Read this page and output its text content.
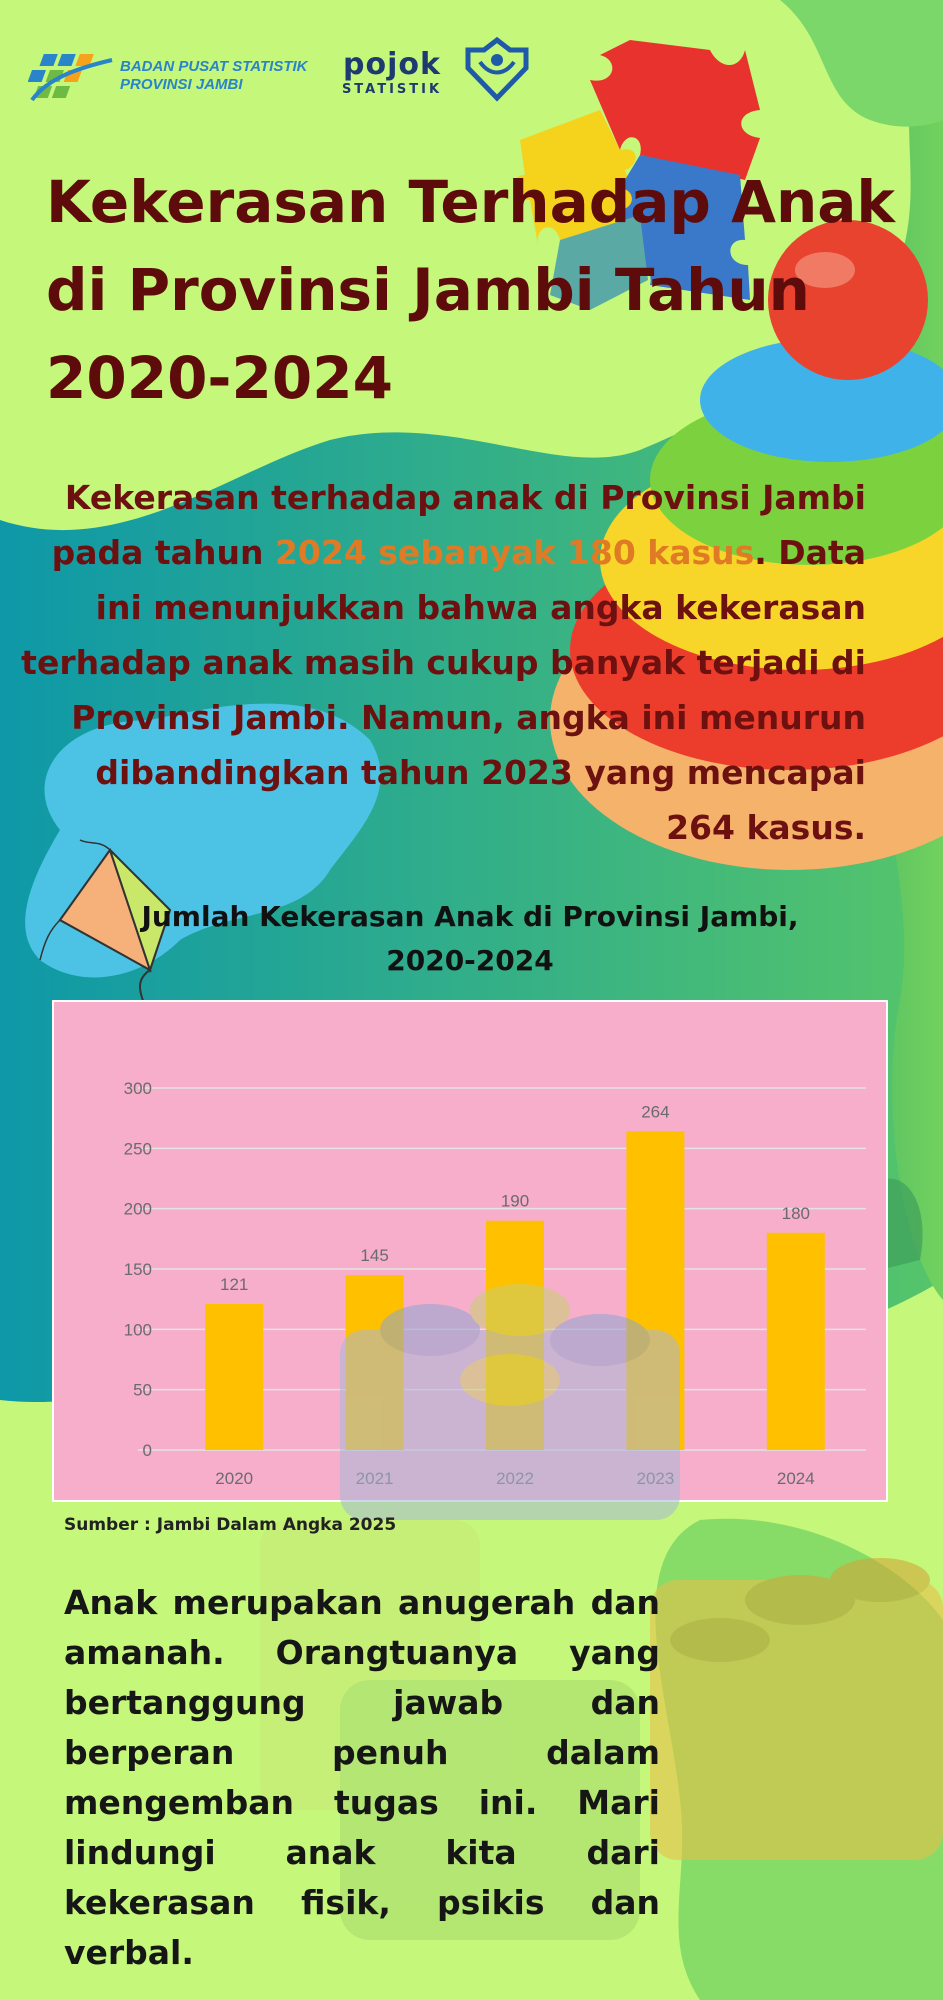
BADAN PUSAT STATISTIK
PROVINSI JAMBI
pojok
STATISTIK
Kekerasan Terhadap Anak di Provinsi Jambi Tahun 2020-2024

Kekerasan terhadap anak di Provinsi Jambi pada tahun 2024 sebanyak 180 kasus. Data ini menunjukkan bahwa angka kekerasan terhadap anak masih cukup banyak terjadi di Provinsi Jambi. Namun, angka ini menurun dibandingkan tahun 2023 yang mencapai 264 kasus.

Jumlah Kekerasan Anak di Provinsi Jambi, 2020-2024
0
50
100
150
200
250
300
121
2020
145
190
264
180
2024

Sumber : Jambi Dalam Angka 2025

Anak merupakan anugerah dan amanah. Orangtuanya yang bertanggung jawab dan berperan penuh dalam mengemban tugas ini. Mari lindungi anak kita dari kekerasan fisik, psikis dan verbal.
